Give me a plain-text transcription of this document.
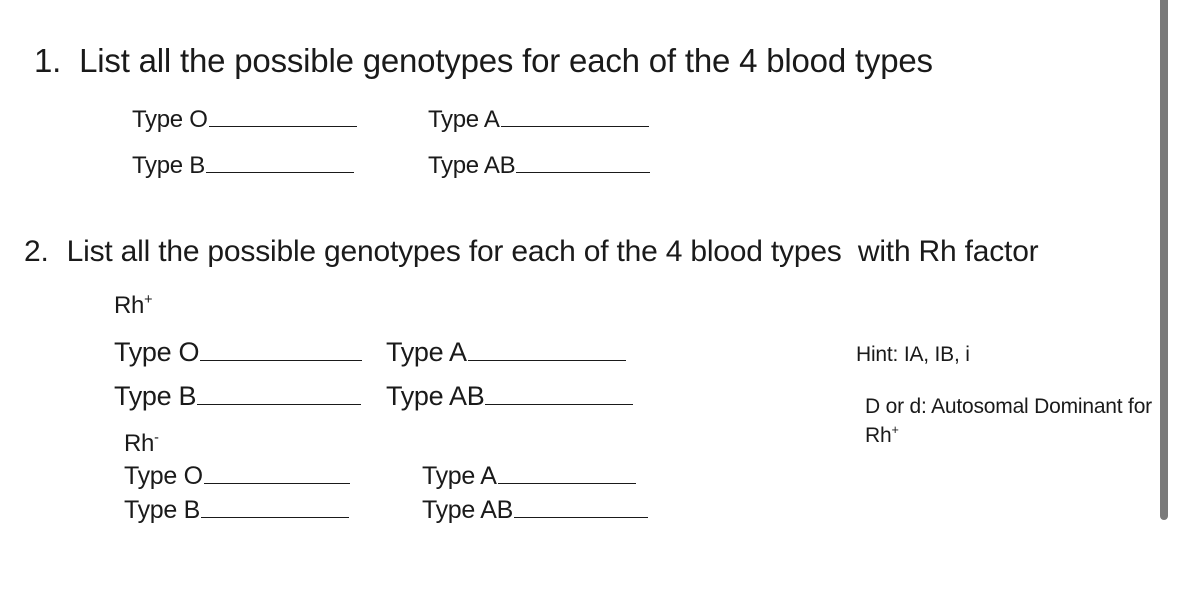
1. List all the possible genotypes for each of the 4 blood types
Type O	Type A
Type B	Type AB
2. List all the possible genotypes for each of the 4 blood types  with Rh factor
Rh+
Type O	Type A
Type B	Type AB
Rh-
Type O	Type A
Type B	Type AB
Hint: IA, IB, i
D or d: Autosomal Dominant for
Rh+
